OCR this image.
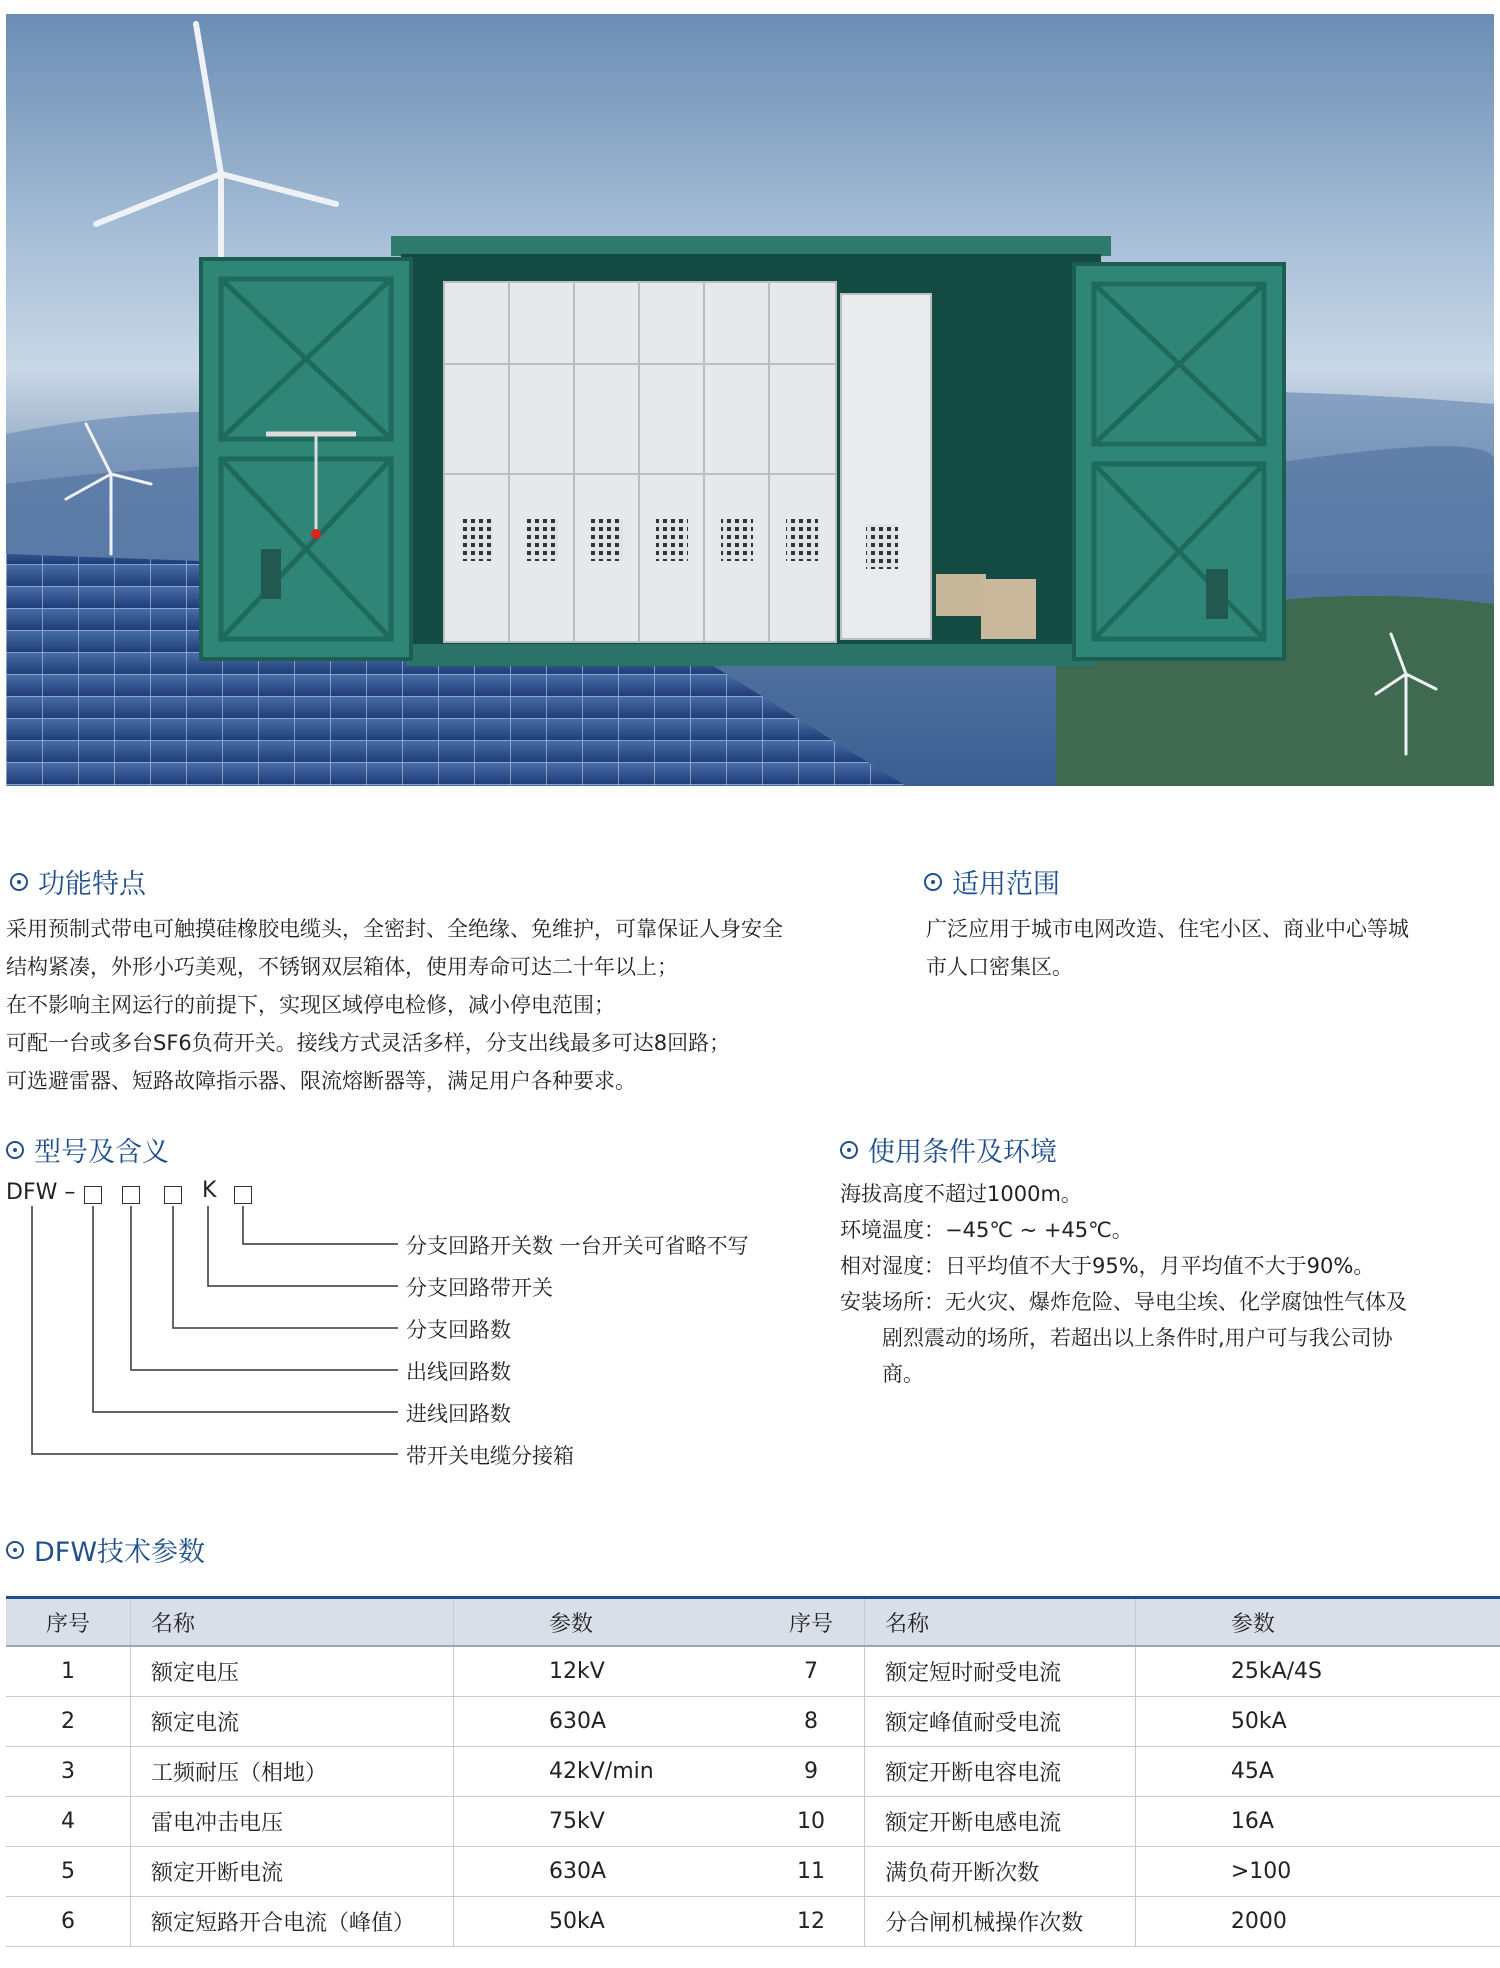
功能特点

采用预制式带电可触摸硅橡胶电缆头，全密封、全绝缘、免维护，可靠保证人身安全

结构紧凑，外形小巧美观，不锈钢双层箱体，使用寿命可达二十年以上；

在不影响主网运行的前提下，实现区域停电检修，减小停电范围；

可配一台或多台SF6负荷开关。接线方式灵活多样，分支出线最多可达8回路；

可选避雷器、短路故障指示器、限流熔断器等，满足用户各种要求。

适用范围

广泛应用于城市电网改造、住宅小区、商业中心等城

市人口密集区。

型号及含义
DFW –	K
分支回路开关数 一台开关可省略不写
分支回路带开关
分支回路数
出线回路数
进线回路数
带开关电缆分接箱
使用条件及环境

海拔高度不超过1000m。

环境温度：−45℃ ~ +45℃。

相对湿度：日平均值不大于95%，月平均值不大于90%。

安装场所：无火灾、爆炸危险、导电尘埃、化学腐蚀性气体及

剧烈震动的场所，若超出以上条件时,用户可与我公司协

商。

DFW技术参数
序号	名称	参数
1	额定电压	12kV
2	额定电流	630A
3	工频耐压（相地）	42kV/min
4	雷电冲击电压	75kV
5	额定开断电流	630A
6	额定短路开合电流（峰值）	50kA
序号	名称	参数
7	额定短时耐受电流	25kA/4S
8	额定峰值耐受电流	50kA
9	额定开断电容电流	45A
10	额定开断电感电流	16A
11	满负荷开断次数	>100
12	分合闸机械操作次数	2000
